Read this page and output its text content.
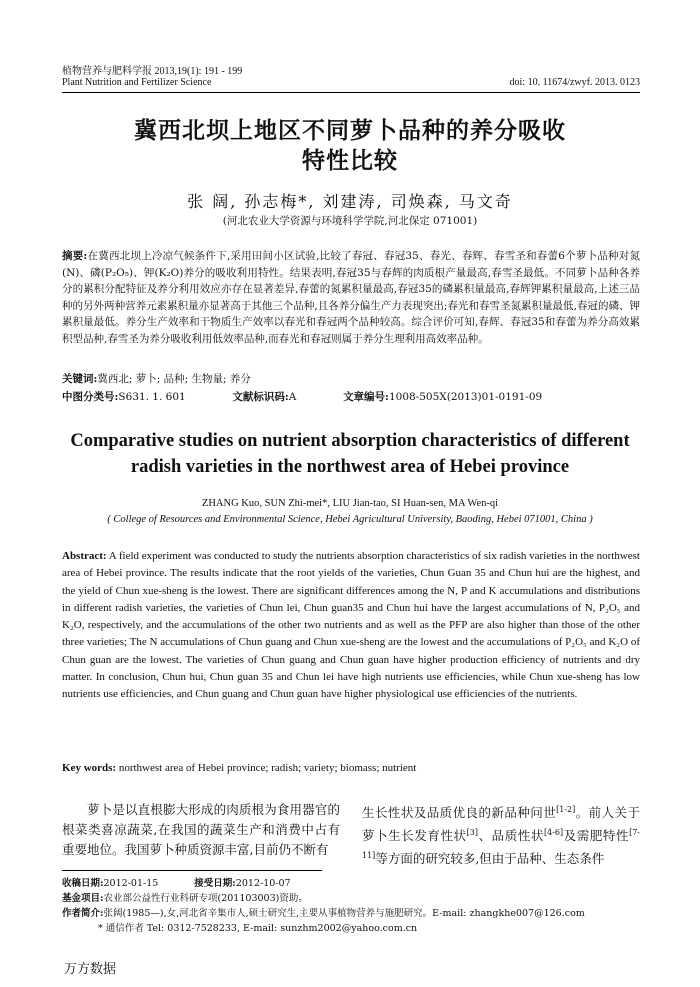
植物营养与肥料学报 2013,19(1): 191 - 199
Plant Nutrition and Fertilizer Science	doi: 10. 11674/zwyf. 2013. 0123
冀西北坝上地区不同萝卜品种的养分吸收
特性比较
张 阔, 孙志梅*, 刘建涛, 司焕森, 马文奇
(河北农业大学资源与环境科学学院,河北保定 071001)
摘要:在冀西北坝上冷凉气候条件下,采用田间小区试验,比较了春冠、春冠35、春光、春辉、春雪圣和春蕾6个萝卜品种对氮(N)、磷(P₂O₅)、钾(K₂O)养分的吸收利用特性。结果表明,春冠35与春辉的肉质根产量最高,春雪圣最低。不同萝卜品种各养分的累积分配特征及养分利用效应亦存在显著差异,春蕾的氮累积量最高,春冠35的磷累积量最高,春辉钾累积量最高,上述三品种的另外两种营养元素累积量亦显著高于其他三个品种,且各养分偏生产力表现突出;春光和春雪圣氮累积量最低,春冠的磷、钾累积量最低。养分生产效率和干物质生产效率以春光和春冠两个品种较高。综合评价可知,春辉、春冠35和春蕾为养分高效累积型品种,春雪圣为养分吸收利用低效率品种,而春光和春冠则属于养分生理利用高效率品种。
关键词:冀西北; 萝卜; 品种; 生物量; 养分
中图分类号:S631. 1. 601	文献标识码:A	文章编号:1008-505X(2013)01-0191-09
Comparative studies on nutrient absorption characteristics of different
radish varieties in the northwest area of Hebei province
ZHANG Kuo, SUN Zhi-mei*, LIU Jian-tao, SI Huan-sen, MA Wen-qi
( College of Resources and Environmental Science, Hebei Agricultural University, Baoding, Hebei 071001, China )
Abstract: A field experiment was conducted to study the nutrients absorption characteristics of six radish varieties in the northwest area of Hebei province. The results indicate that the root yields of the varieties, Chun Guan 35 and Chun hui are the highest, and the yield of Chun xue-sheng is the lowest. There are significant differences among the N, P and K accumulations and distributions in different radish varieties, the varieties of Chun lei, Chun guan35 and Chun hui have the largest accumulations of N, P₂O₅ and K₂O, respectively, and the accumulations of the other two nutrients and as well as the PFP are also higher than those of the other three varieties; The N accumulations of Chun guang and Chun xue-sheng are the lowest and the accumulations of P₂O₅ and K₂O of Chun guan are the lowest. The varieties of Chun guang and Chun guan have higher production efficiency of nutrients and dry matter. In conclusion, Chun hui, Chun guan 35 and Chun lei have high nutrients use efficiencies, while Chun xue-sheng has low nutrients use efficiencies, and Chun guang and Chun guan have higher physiological use efficiencies of the nutrients.
Key words: northwest area of Hebei province; radish; variety; biomass; nutrient
萝卜是以直根膨大形成的肉质根为食用器官的根菜类喜凉蔬菜,在我国的蔬菜生产和消费中占有重要地位。我国萝卜种质资源丰富,目前仍不断有
生长性状及品质优良的新品种问世[1-2]。前人关于萝卜生长发育性状[3]、品质性状[4-6]及需肥特性[7-11]等方面的研究较多,但由于品种、生态条件
收稿日期:2012-01-15	接受日期:2012-10-07
基金项目:农业部公益性行业科研专项(201103003)资助。
作者简介:张阔(1985—),女,河北省辛集市人,硕士研究生,主要从事植物营养与施肥研究。E-mail: zhangkhe007@126.com
* 通信作者 Tel: 0312-7528233, E-mail: sunzhm2002@yahoo.com.cn
万方数据
